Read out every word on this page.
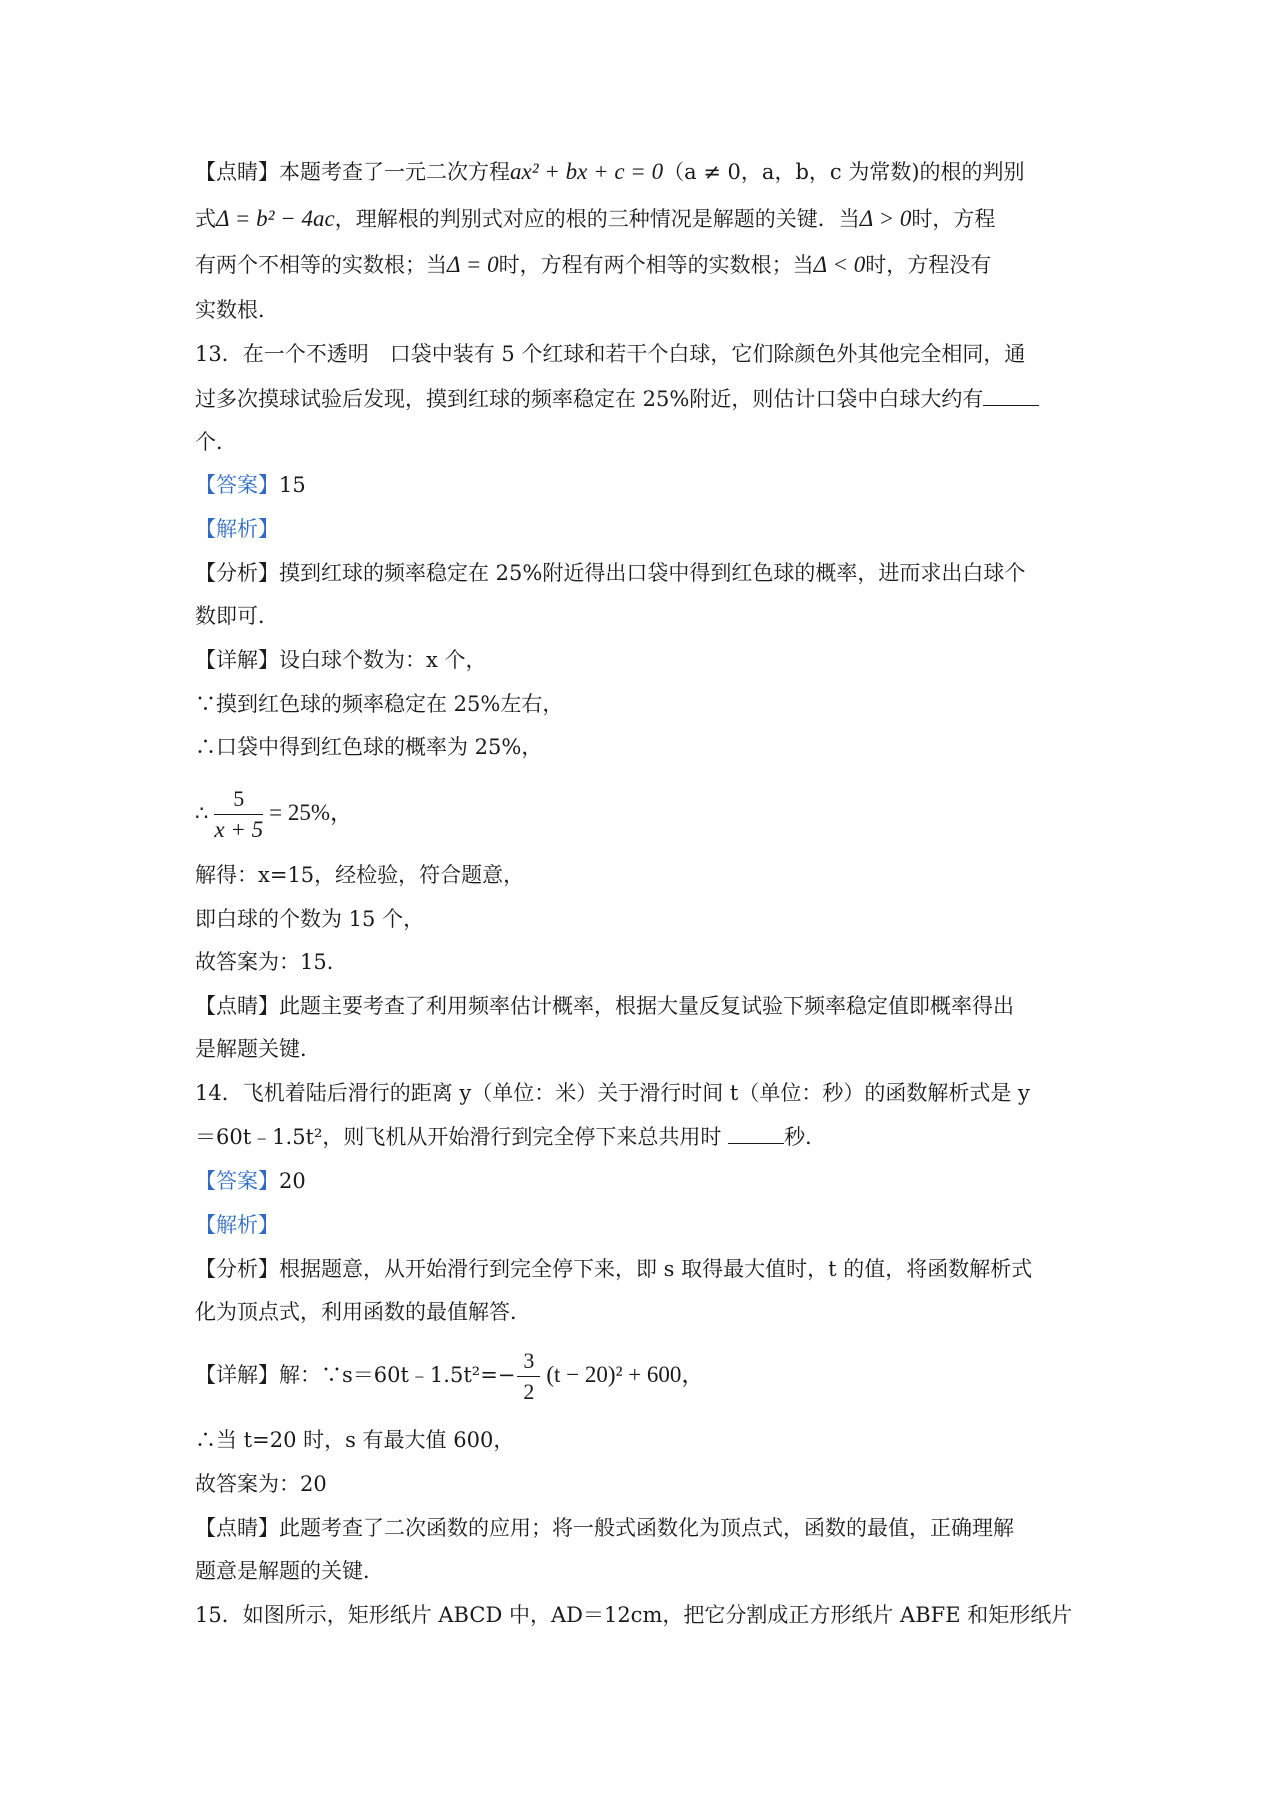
【点睛】本题考查了一元二次方程ax² + bx + c = 0（a ≠ 0，a，b，c 为常数)的根的判别
式Δ = b² − 4ac，理解根的判别式对应的根的三种情况是解题的关键．当Δ > 0时，方程
有两个不相等的实数根；当Δ = 0时，方程有两个相等的实数根；当Δ < 0时，方程没有
实数根．
13．在一个不透明　口袋中装有 5 个红球和若干个白球，它们除颜色外其他完全相同，通
过多次摸球试验后发现，摸到红球的频率稳定在 25%附近，则估计口袋中白球大约有
个．
【答案】15
【解析】
【分析】摸到红球的频率稳定在 25%附近得出口袋中得到红色球的概率，进而求出白球个
数即可．
【详解】设白球个数为：x 个，
∵摸到红色球的频率稳定在 25%左右，
∴口袋中得到红色球的概率为 25%，
∴ $\frac{5}{x + 5} = 25\%$，
解得：x=15，经检验，符合题意，
即白球的个数为 15 个，
故答案为：15．
【点睛】此题主要考查了利用频率估计概率，根据大量反复试验下频率稳定值即概率得出
是解题关键．
14．飞机着陆后滑行的距离 y（单位：米）关于滑行时间 t（单位：秒）的函数解析式是 y
＝60t﹣1.5t²，则飞机从开始滑行到完全停下来总共用时	秒．
【答案】20
【解析】
【分析】根据题意，从开始滑行到完全停下来，即 s 取得最大值时，t 的值，将函数解析式
化为顶点式，利用函数的最值解答．
【详解】解：∵s＝60t﹣1.5t²=− $\frac{3}{2} (t - 20)^2 + 600$，
∴当 t=20 时，s 有最大值 600，
故答案为：20
【点睛】此题考查了二次函数的应用；将一般式函数化为顶点式，函数的最值，正确理解
题意是解题的关键．
15．如图所示，矩形纸片 ABCD 中，AD＝12cm，把它分割成正方形纸片 ABFE 和矩形纸片
